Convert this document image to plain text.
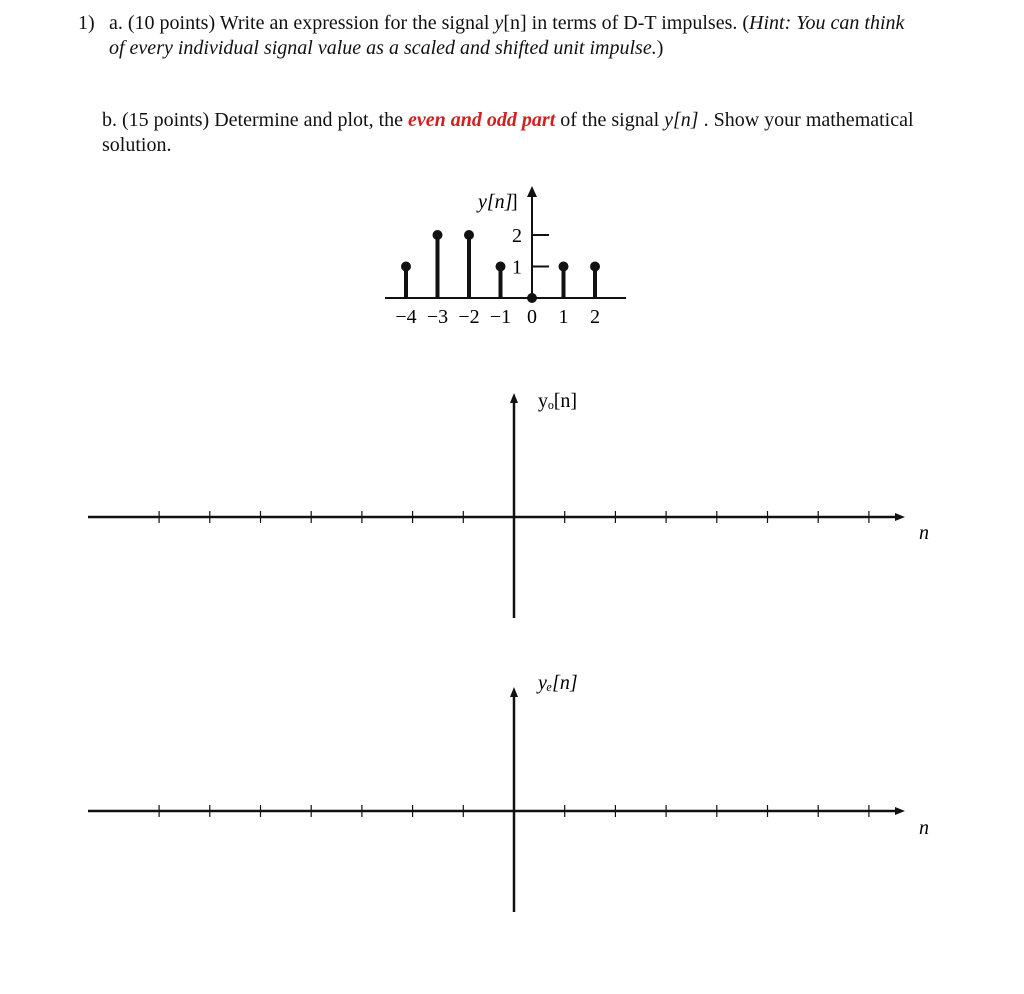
1) a. (10 points) Write an expression for the signal y[n] in terms of D-T impulses. (Hint: You can think
of every individual signal value as a scaled and shifted unit impulse.)
b. (15 points) Determine and plot, the even and odd part of the signal y[n] . Show your mathematical
solution.
y[n]
]
2
1
−4 −3 −2 −1 0 1 2
yₒ[n]
n
yₑ[n]
n
